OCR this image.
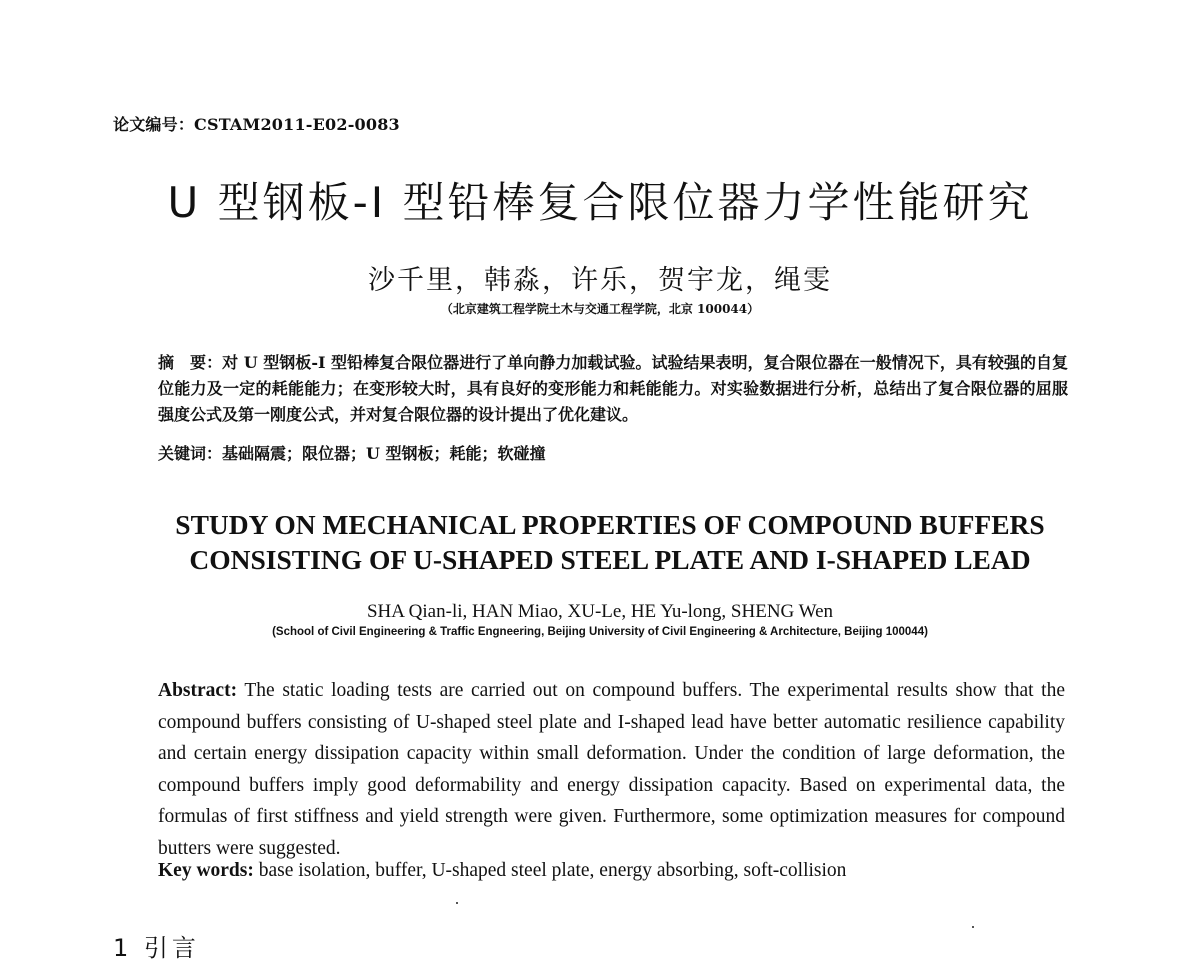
论文编号：CSTAM2011-E02-0083
U 型钢板-I 型铅棒复合限位器力学性能研究
沙千里，韩淼，许乐，贺宇龙，绳雯
（北京建筑工程学院土木与交通工程学院，北京 100044）
摘　要：对 U 型钢板-I 型铅棒复合限位器进行了单向静力加载试验。试验结果表明，复合限位器在一般情况下，具有较强的自复位能力及一定的耗能能力；在变形较大时，具有良好的变形能力和耗能能力。对实验数据进行分析，总结出了复合限位器的屈服强度公式及第一刚度公式，并对复合限位器的设计提出了优化建议。
关键词：基础隔震；限位器；U 型钢板；耗能；软碰撞
STUDY ON MECHANICAL PROPERTIES OF COMPOUND BUFFERS
CONSISTING OF U-SHAPED STEEL PLATE AND I-SHAPED LEAD
SHA Qian-li, HAN Miao, XU-Le, HE Yu-long, SHENG Wen
(School of Civil Engineering & Traffic Engneering, Beijing University of Civil Engineering & Architecture, Beijing 100044)
Abstract: The static loading tests are carried out on compound buffers. The experimental results show that the compound buffers consisting of U-shaped steel plate and I-shaped lead have better automatic resilience capability and certain energy dissipation capacity within small deformation. Under the condition of large deformation, the compound buffers imply good deformability and energy dissipation capacity. Based on experimental data, the formulas of first stiffness and yield strength were given. Furthermore, some optimization measures for compound butters were suggested.
Key words: base isolation, buffer, U-shaped steel plate, energy absorbing, soft-collision
1 引言
